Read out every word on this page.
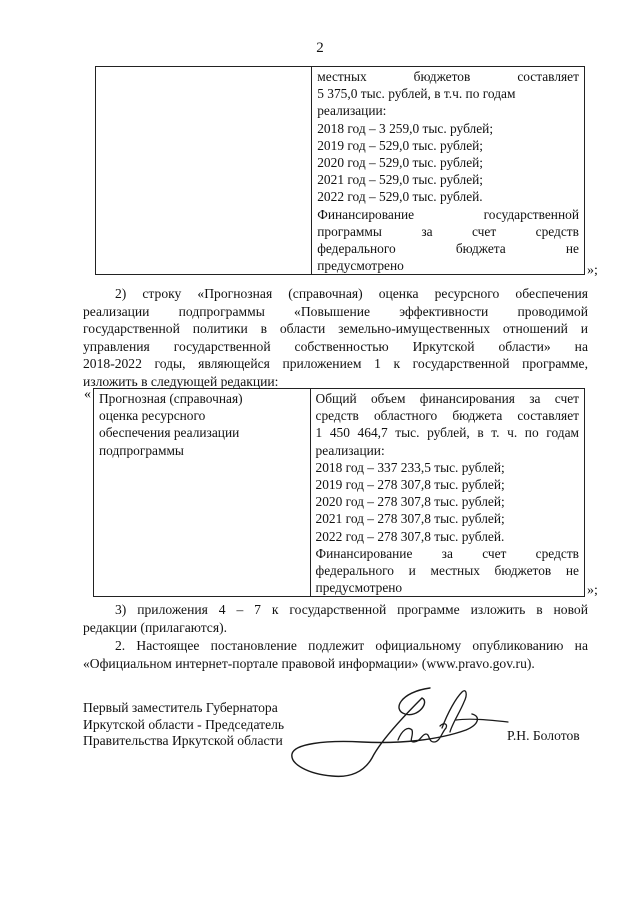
2

местных	бюджетов	составляет
5 375,0 тыс. рублей, в т.ч. по годам
реализации:
2018 год – 3 259,0 тыс. рублей;
2019 год – 529,0 тыс. рублей;
2020 год – 529,0 тыс. рублей;
2021 год – 529,0 тыс. рублей;
2022 год – 529,0 тыс. рублей.
Финансирование	государственной
программы	за	счет	средств
федерального	бюджета	не
предусмотрено	»;
2) строку «Прогнозная (справочная) оценка ресурсного обеспечения
реализации подпрограммы «Повышение эффективности проводимой
государственной политики в области земельно-имущественных отношений и
управления государственной собственностью Иркутской области» на
2018-2022 годы, являющейся приложением 1 к государственной программе,
изложить в следующей редакции:
« Прогнозная (справочная)
оценка ресурсного
обеспечения реализации
подпрограммы

Общий объем финансирования за счет
средств областного бюджета составляет
1 450 464,7 тыс. рублей, в т. ч. по годам
реализации:
2018 год – 337 233,5 тыс. рублей;
2019 год – 278 307,8 тыс. рублей;
2020 год – 278 307,8 тыс. рублей;
2021 год – 278 307,8 тыс. рублей;
2022 год – 278 307,8 тыс. рублей.
Финансирование за счет средств
федерального и местных бюджетов не
предусмотрено	»;
3) приложения 4 – 7 к государственной программе изложить в новой
редакции (прилагаются).
2. Настоящее постановление подлежит официальному опубликованию на
«Официальном интернет-портале правовой информации» (www.pravo.gov.ru).
Первый заместитель Губернатора
Иркутской области - Председатель
Правительства Иркутской области	Р.Н. Болотов
